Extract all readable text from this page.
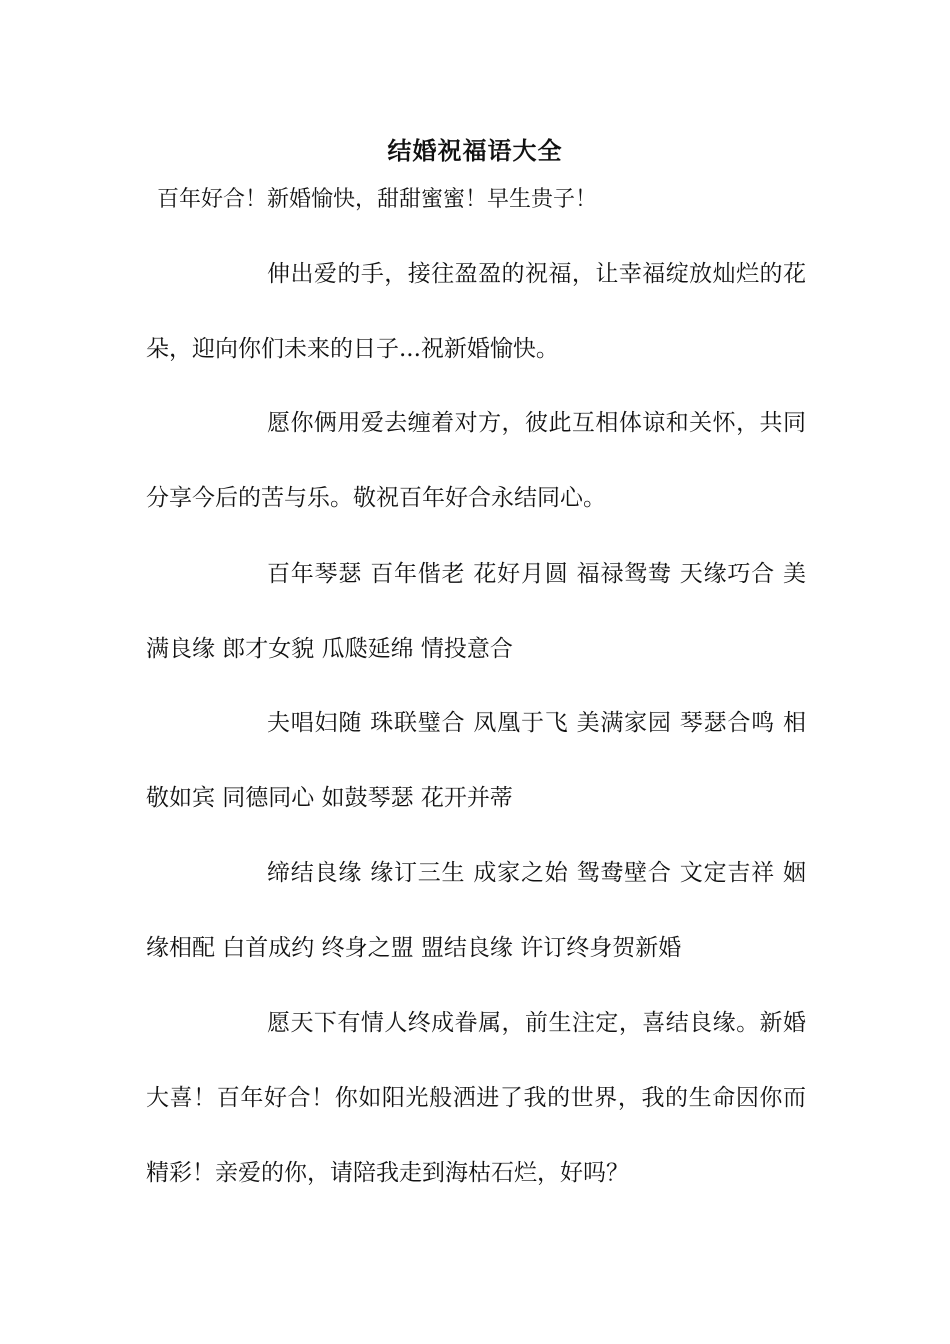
结婚祝福语大全
百年好合！新婚愉快，甜甜蜜蜜！早生贵子！

伸出爱的手，接往盈盈的祝福，让幸福绽放灿烂的花朵，迎向你们未来的日子...祝新婚愉快。

愿你俩用爱去缠着对方，彼此互相体谅和关怀，共同分享今后的苦与乐。敬祝百年好合永结同心。

百年琴瑟 百年偕老 花好月圆 福禄鸳鸯 天缘巧合 美满良缘 郎才女貌 瓜瓞延绵 情投意合

夫唱妇随 珠联璧合 凤凰于飞 美满家园 琴瑟合鸣 相敬如宾 同德同心 如鼓琴瑟 花开并蒂

缔结良缘 缘订三生 成家之始 鸳鸯壁合 文定吉祥 姻缘相配 白首成约 终身之盟 盟结良缘 许订终身贺新婚

愿天下有情人终成眷属，前生注定，喜结良缘。新婚大喜！百年好合！你如阳光般洒进了我的世界，我的生命因你而精彩！亲爱的你，请陪我走到海枯石烂，好吗？
